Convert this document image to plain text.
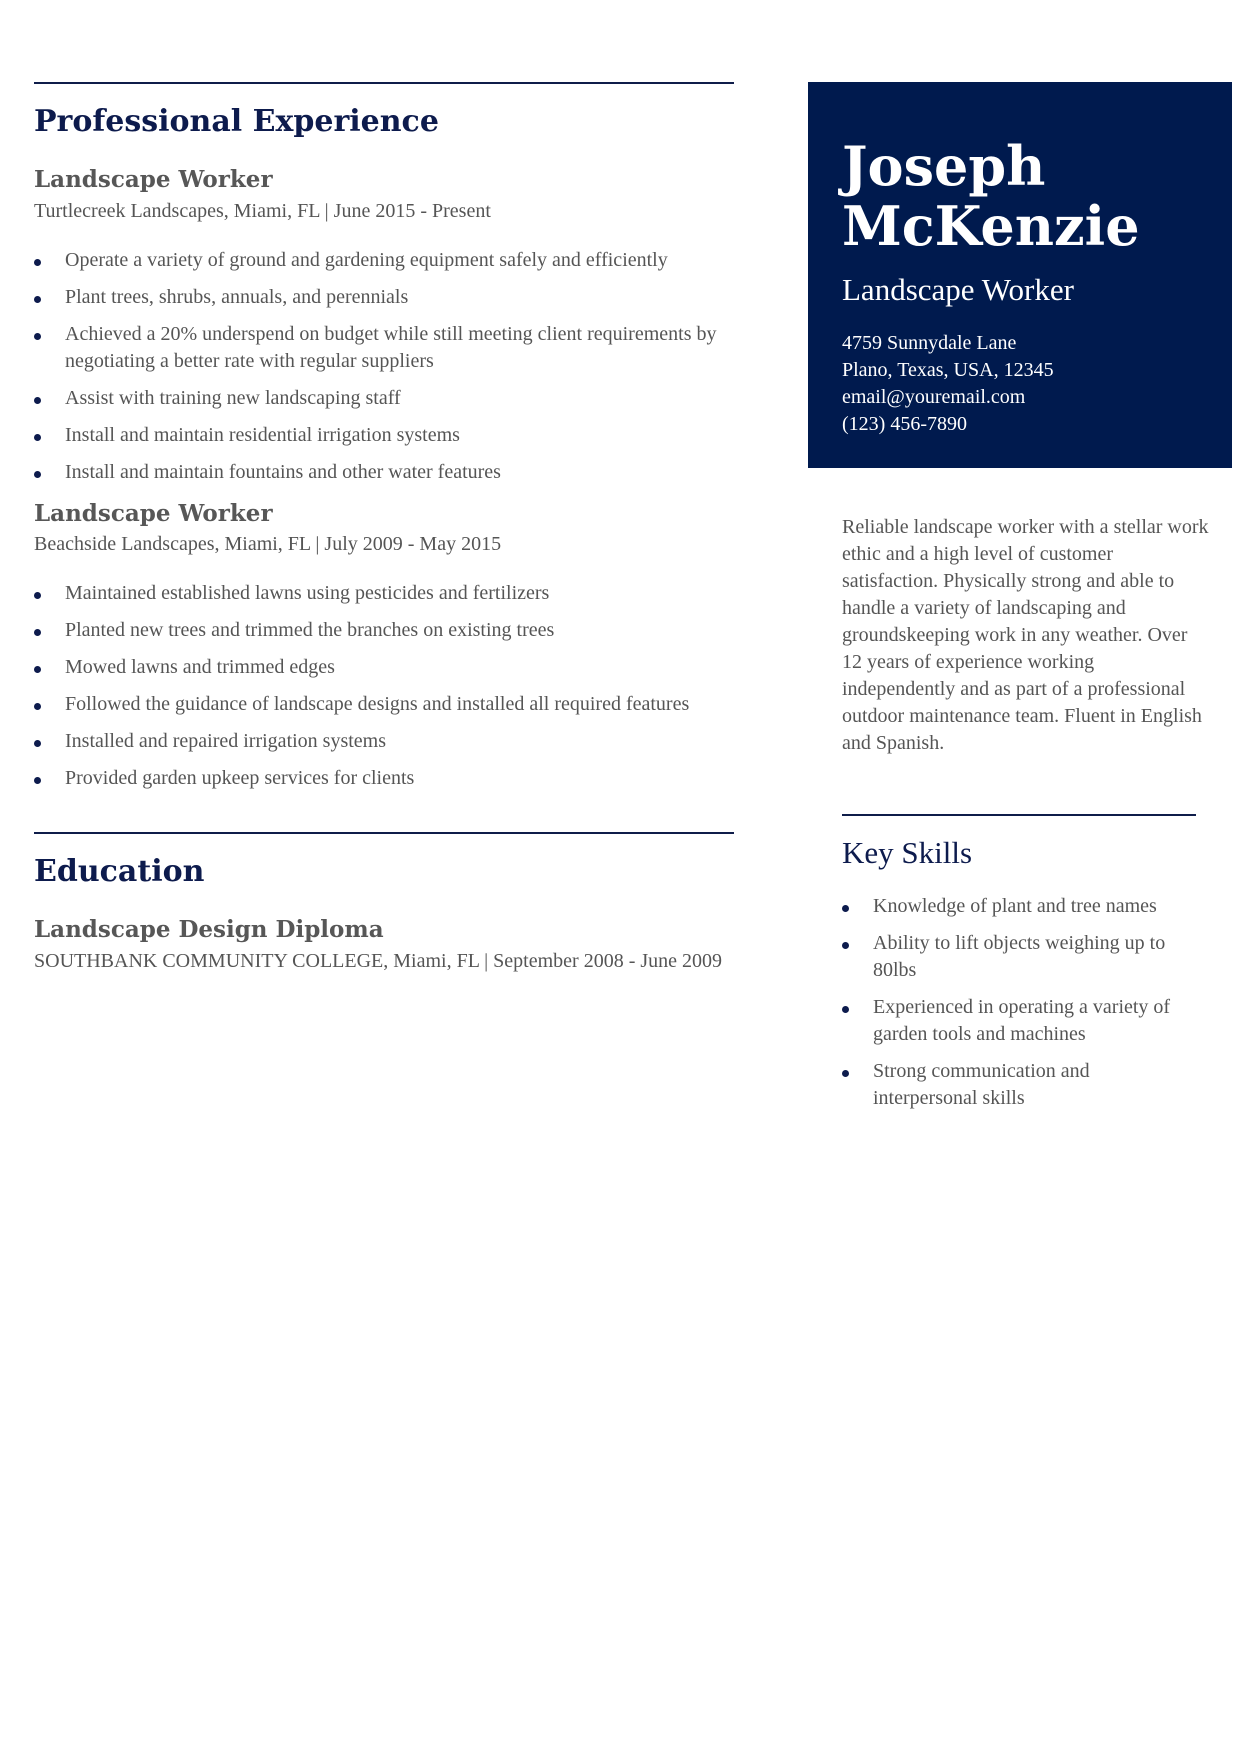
Professional Experience
Landscape Worker
Turtlecreek Landscapes, Miami, FL | June 2015 - Present
Operate a variety of ground and gardening equipment safely and efficiently
Plant trees, shrubs, annuals, and perennials
Achieved a 20% underspend on budget while still meeting client requirements by negotiating a better rate with regular suppliers
Assist with training new landscaping staff
Install and maintain residential irrigation systems
Install and maintain fountains and other water features
Landscape Worker
Beachside Landscapes, Miami, FL | July 2009 - May 2015
Maintained established lawns using pesticides and fertilizers
Planted new trees and trimmed the branches on existing trees
Mowed lawns and trimmed edges
Followed the guidance of landscape designs and installed all required features
Installed and repaired irrigation systems
Provided garden upkeep services for clients
Education
Landscape Design Diploma
SOUTHBANK COMMUNITY COLLEGE, Miami, FL | September 2008 - June 2009
Joseph
McKenzie
Landscape Worker
4759 Sunnydale Lane
Plano, Texas, USA, 12345
email@youremail.com
(123) 456-7890
Reliable landscape worker with a stellar work ethic and a high level of customer satisfaction. Physically strong and able to handle a variety of landscaping and groundskeeping work in any weather. Over 12 years of experience working independently and as part of a professional outdoor maintenance team. Fluent in English and Spanish.
Key Skills
Knowledge of plant and tree names
Ability to lift objects weighing up to 80lbs
Experienced in operating a variety of garden tools and machines
Strong communication and interpersonal skills
